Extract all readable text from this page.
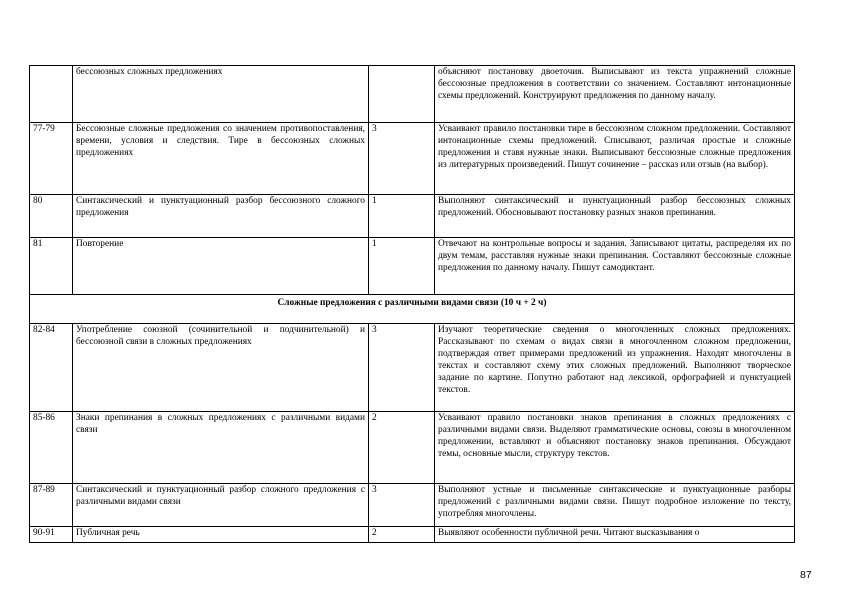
	бессоюзных сложных предложениях		объясняют постановку двоеточия. Выписывают из текста упражнений сложные бессоюзные предложения в соответствии со значением. Составляют интонационные схемы предложений. Конструируют предложения по данному началу.
77-79	Бессоюзные сложные предложения со значением противопоставления, времени, условия и следствия. Тире в бессоюзных сложных предложениях	3	Усваивают правило постановки тире в бессоюзном сложном предложении. Составляют интонационные схемы предложений. Списывают, различая простые и сложные предложения и ставя нужные знаки. Выписывают бессоюзные сложные предложения из литературных произведений. Пишут сочинение – рассказ или отзыв (на выбор).
80	Синтаксический и пунктуационный разбор бессоюзного сложного предложения	1	Выполняют синтаксический и пунктуационный разбор бессоюзных сложных предложений. Обосновывают постановку разных знаков препинания.
81	Повторение	1	Отвечают на контрольные вопросы и задания. Записывают цитаты, распределяя их по двум темам, расставляя нужные знаки препинания. Составляют бессоюзные сложные предложения по данному началу. Пишут самодиктант.
Сложные предложения с различными видами связи (10 ч + 2 ч)			
82-84	Употребление союзной (сочинительной и подчинительной) и бессоюзной связи в сложных предложениях	3	Изучают теоретические сведения о многочленных сложных предложениях. Рассказывают по схемам о видах связи в многочленном сложном предложении, подтверждая ответ примерами предложений из упражнения. Находят многочлены в текстах и составляют схему этих сложных предложений. Выполняют творческое задание по картине. Попутно работают над лексикой, орфографией и пунктуацией текстов.
85-86	Знаки препинания в сложных предложениях с различными видами связи	2	Усваивают правило постановки знаков препинания в сложных предложениях с различными видами связи. Выделяют грамматические основы, союзы в многочленном предложении, вставляют и объясняют постановку знаков препинания. Обсуждают темы, основные мысли, структуру текстов.
87-89	Синтаксический и пунктуационный разбор сложного предложения с различными видами связи	3	Выполняют устные и письменные синтаксические и пунктуационные разборы предложений с различными видами связи. Пишут подробное изложение по тексту, употребляя многочлены.
90-91	Публичная речь	2	Выявляют особенности публичной речи. Читают высказывания о
87
